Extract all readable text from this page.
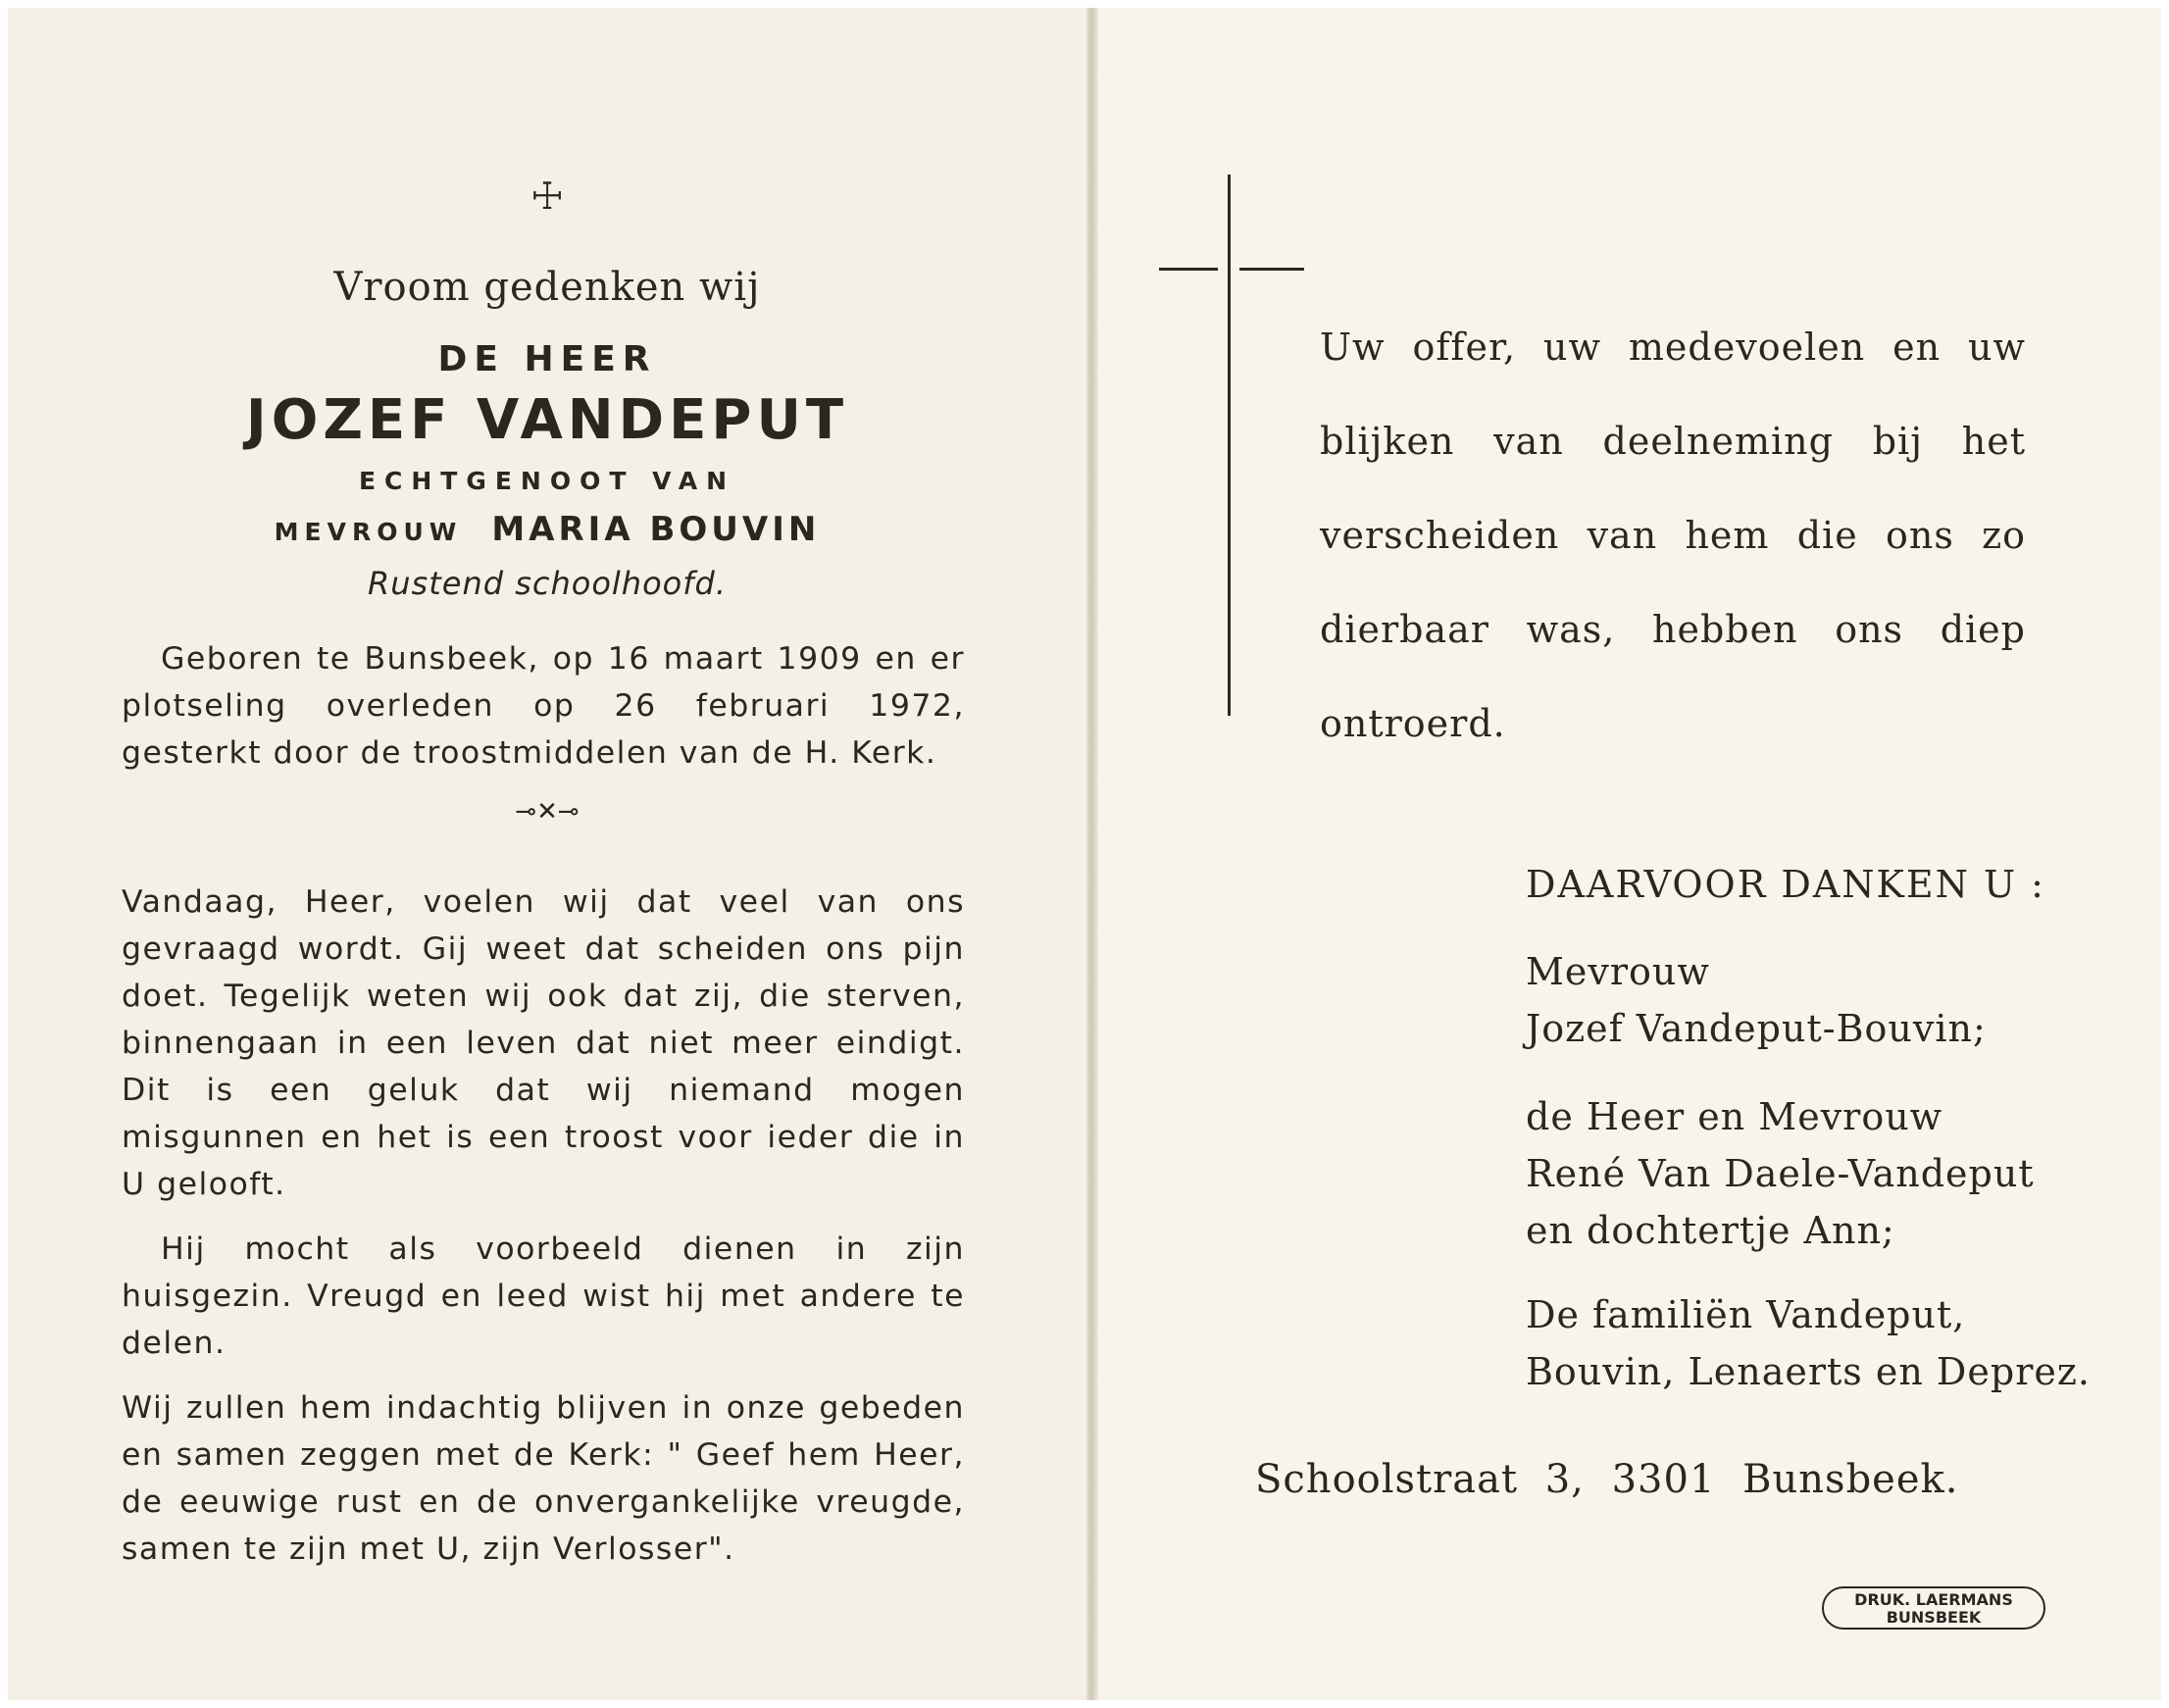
☩
Vroom gedenken wij
DE HEER
JOZEF VANDEPUT
ECHTGENOOT VAN
MEVROUW MARIA BOUVIN
Rustend schoolhoofd.
Geboren te Bunsbeek, op 16 maart 1909 en er plotseling overleden op 26 februari 1972, gesterkt door de troostmiddelen van de H. Kerk.
⊸✕⊸
Vandaag, Heer, voelen wij dat veel van ons gevraagd wordt. Gij weet dat scheiden ons pijn doet. Tegelijk weten wij ook dat zij, die sterven, binnengaan in een leven dat niet meer eindigt. Dit is een geluk dat wij niemand mogen misgunnen en het is een troost voor ieder die in U gelooft.
Hij mocht als voorbeeld dienen in zijn huisgezin. Vreugd en leed wist hij met andere te delen.
Wij zullen hem indachtig blijven in onze gebeden en samen zeggen met de Kerk: " Geef hem Heer, de eeuwige rust en de onvergankelijke vreugde, samen te zijn met U, zijn Verlosser".
Uw offer, uw medevoelen en uw blijken van deelneming bij het verscheiden van hem die ons zo dierbaar was, hebben ons diep ontroerd.
DAARVOOR DANKEN U :
Mevrouw
Jozef Vandeput-Bouvin;
de Heer en Mevrouw
René Van Daele-Vandeput
en dochtertje Ann;
De familiën Vandeput,
Bouvin, Lenaerts en Deprez.
Schoolstraat 3, 3301 Bunsbeek.
DRUK. LAERMANS
BUNSBEEK
